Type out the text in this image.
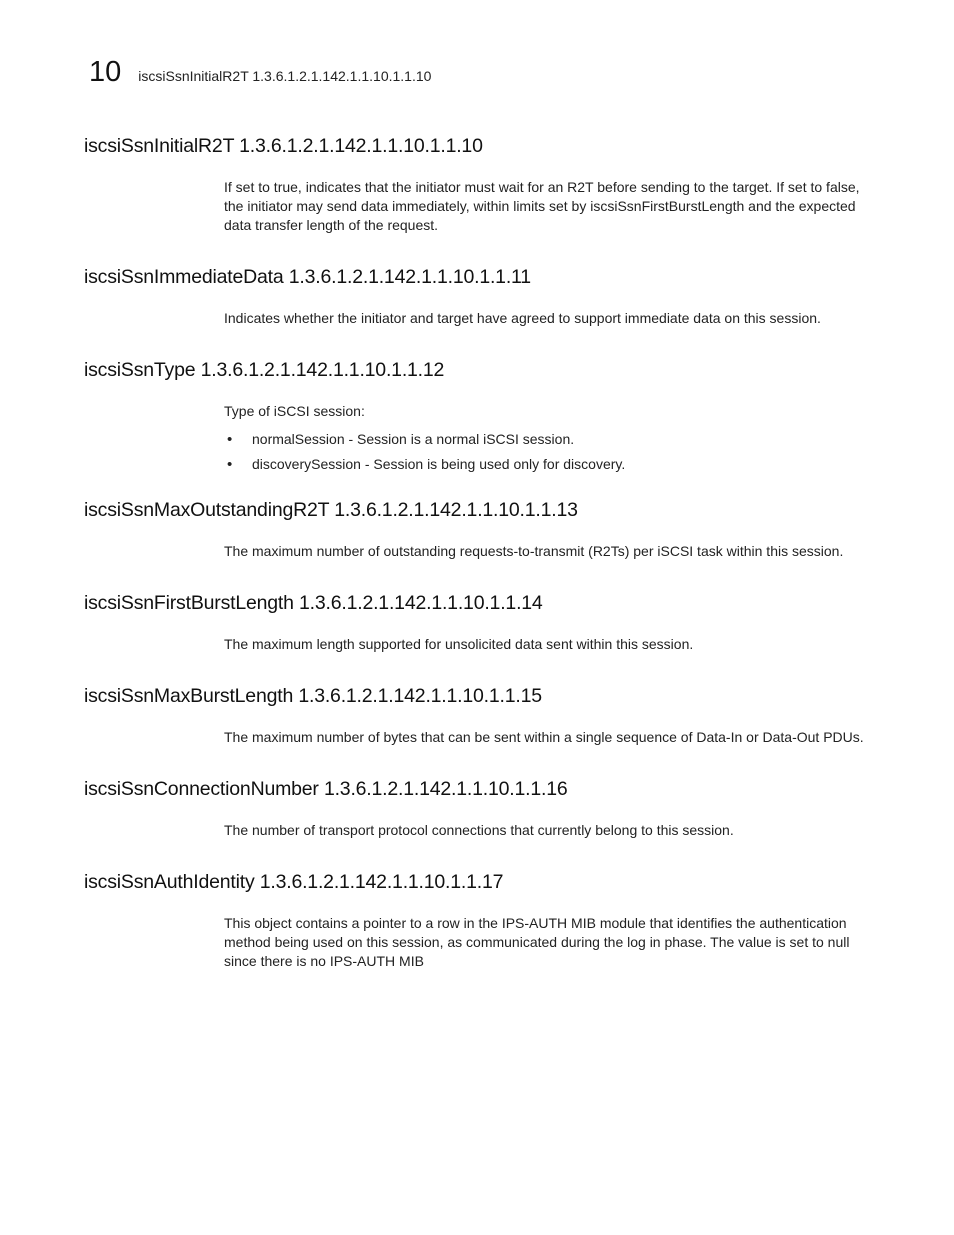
10 iscsiSsnInitialR2T 1.3.6.1.2.1.142.1.1.10.1.1.10
iscsiSsnInitialR2T 1.3.6.1.2.1.142.1.1.10.1.1.10

If set to true, indicates that the initiator must wait for an R2T before sending to the target. If set to false, the initiator may send data immediately, within limits set by iscsiSsnFirstBurstLength and the expected data transfer length of the request.

iscsiSsnImmediateData 1.3.6.1.2.1.142.1.1.10.1.1.11

Indicates whether the initiator and target have agreed to support immediate data on this session.

iscsiSsnType 1.3.6.1.2.1.142.1.1.10.1.1.12

Type of iSCSI session:

• normalSession - Session is a normal iSCSI session.
• discoverySession - Session is being used only for discovery.
iscsiSsnMaxOutstandingR2T 1.3.6.1.2.1.142.1.1.10.1.1.13

The maximum number of outstanding requests-to-transmit (R2Ts) per iSCSI task within this session.

iscsiSsnFirstBurstLength 1.3.6.1.2.1.142.1.1.10.1.1.14

The maximum length supported for unsolicited data sent within this session.

iscsiSsnMaxBurstLength 1.3.6.1.2.1.142.1.1.10.1.1.15

The maximum number of bytes that can be sent within a single sequence of Data-In or Data-Out PDUs.

iscsiSsnConnectionNumber 1.3.6.1.2.1.142.1.1.10.1.1.16

The number of transport protocol connections that currently belong to this session.

iscsiSsnAuthIdentity 1.3.6.1.2.1.142.1.1.10.1.1.17

This object contains a pointer to a row in the IPS-AUTH MIB module that identifies the authentication method being used on this session, as communicated during the log in phase. The value is set to null since there is no IPS-AUTH MIB
